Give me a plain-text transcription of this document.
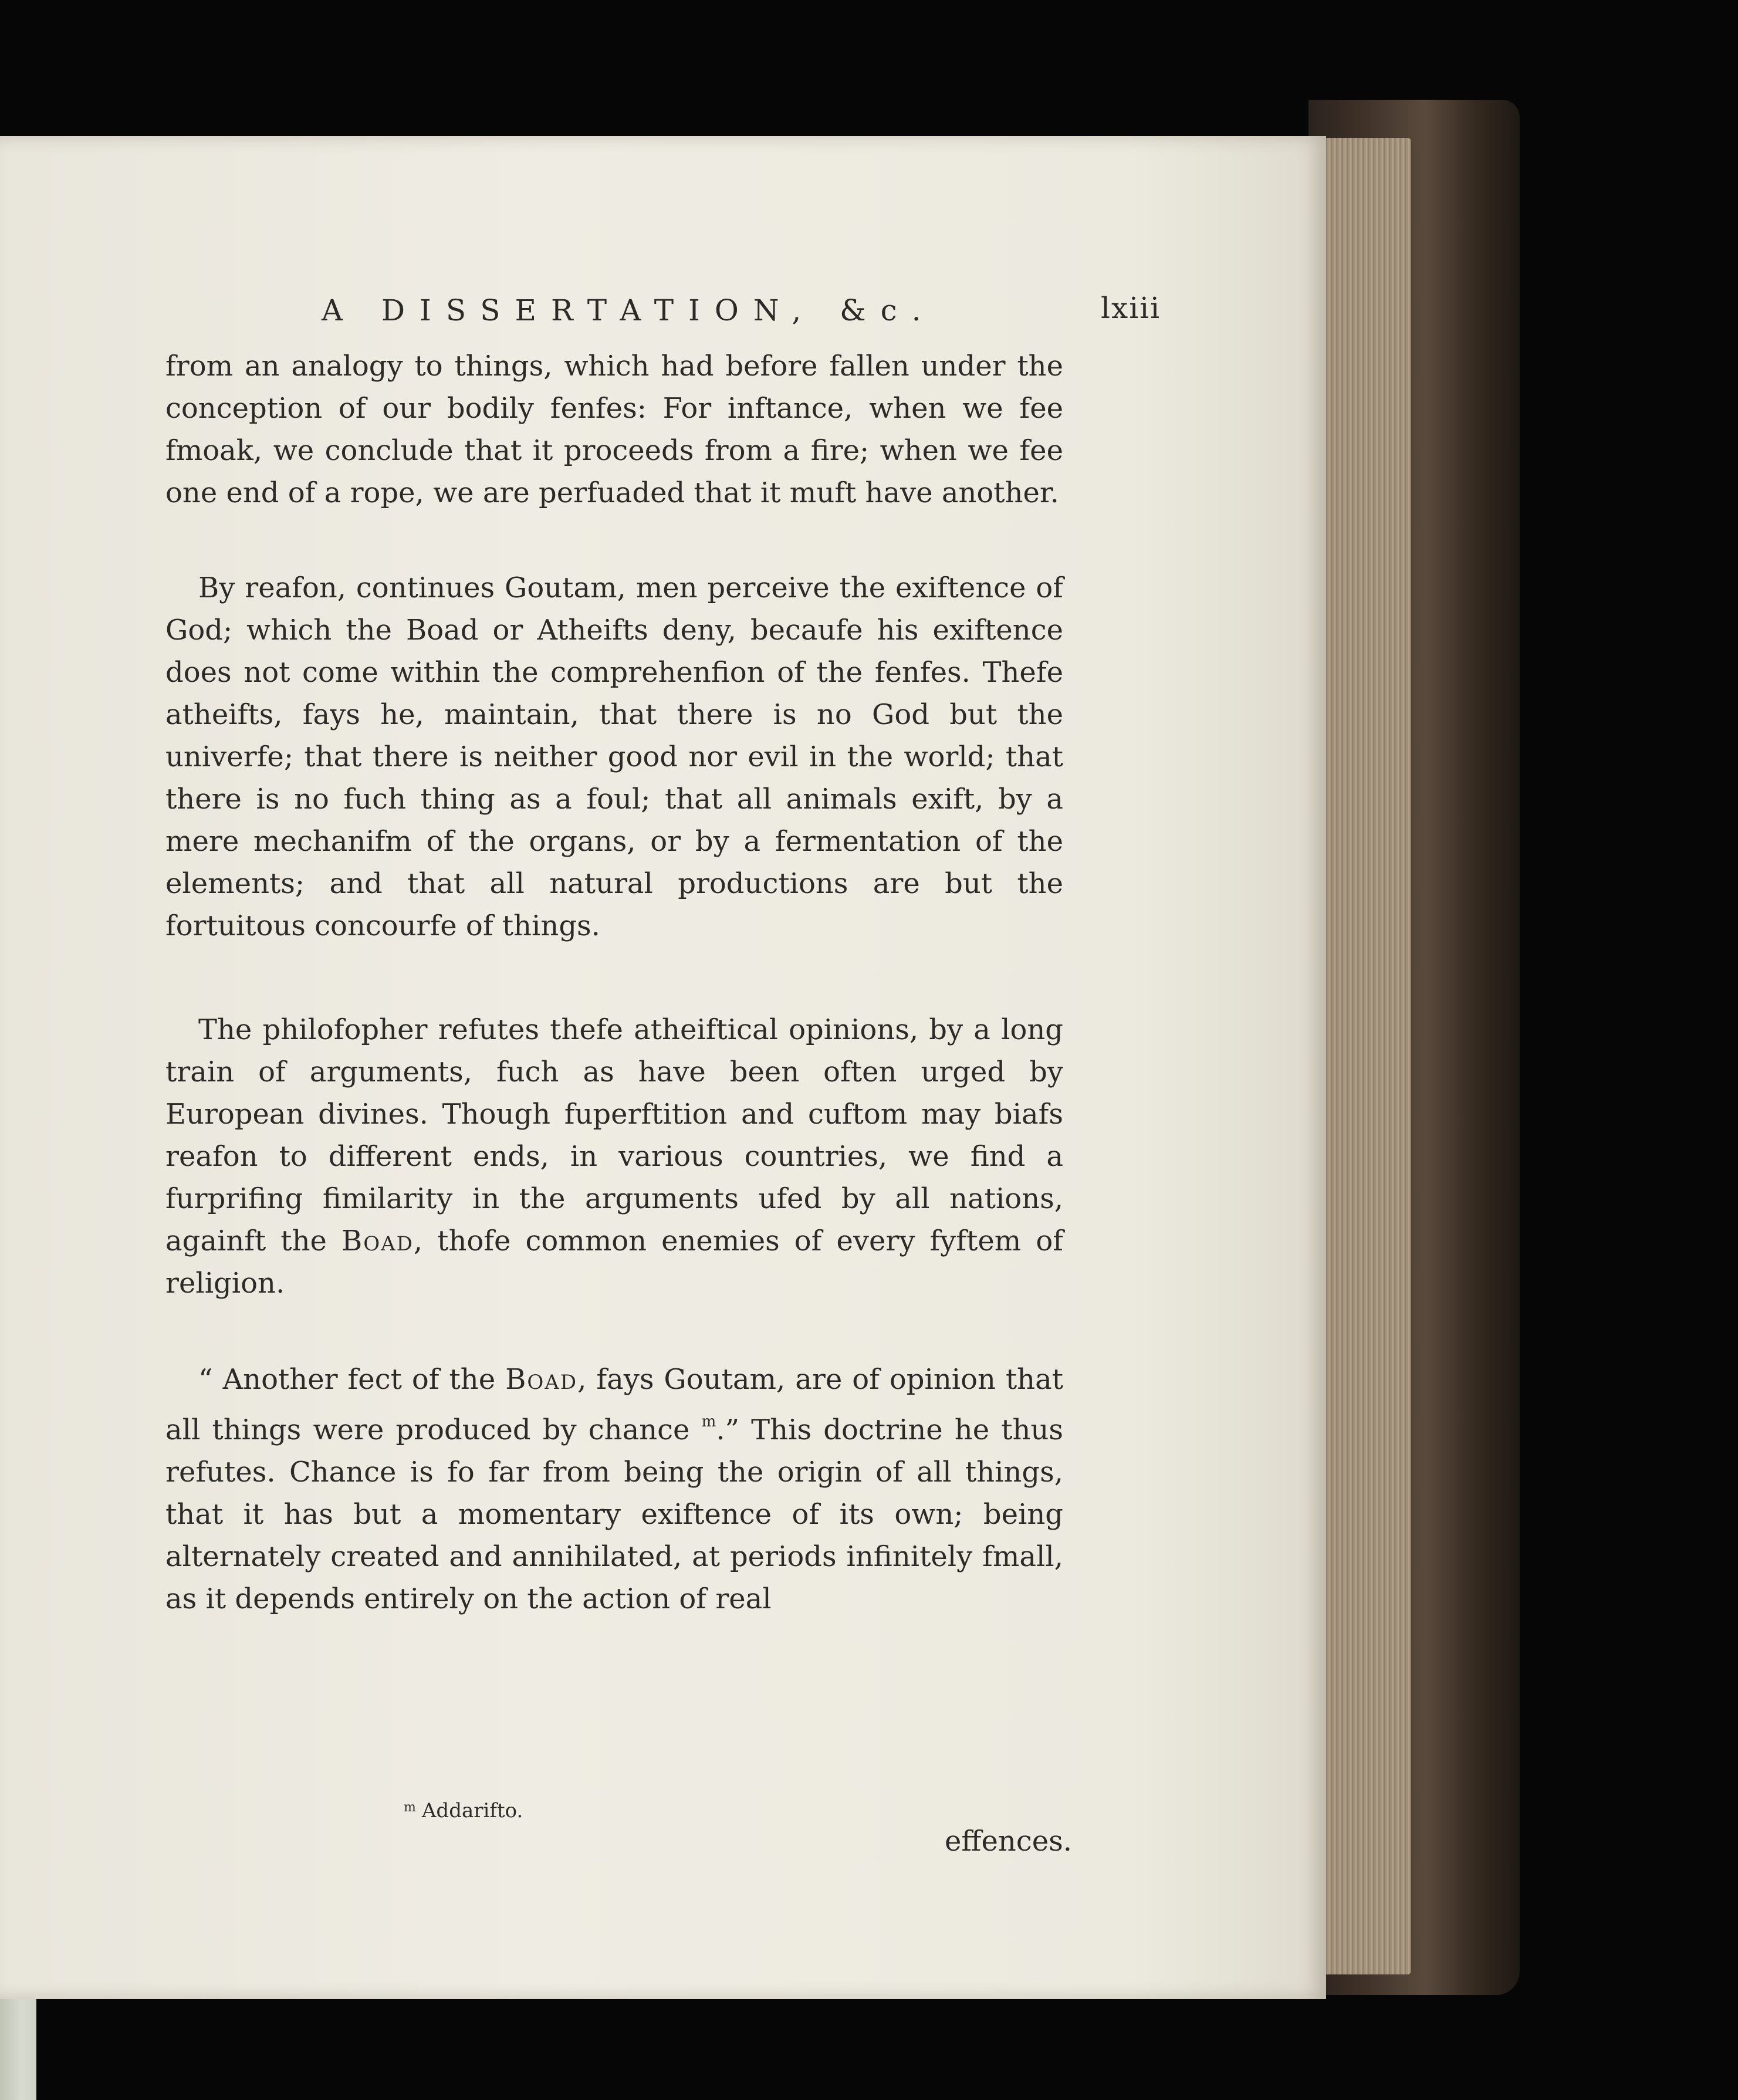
A DISSERTATION, &c.	lxiii

from an analogy to things, which had before fallen under the conception of our bodily fenfes: For inftance, when we fee fmoak, we conclude that it proceeds from a fire; when we fee one end of a rope, we are perfuaded that it muft have another.

By reafon, continues Goutam, men perceive the exiftence of God; which the Boad or Atheifts deny, becaufe his exiftence does not come within the comprehenfion of the fenfes. Thefe atheifts, fays he, maintain, that there is no God but the univerfe; that there is neither good nor evil in the world; that there is no fuch thing as a foul; that all animals exift, by a mere mechanifm of the organs, or by a fermentation of the elements; and that all natural productions are but the fortuitous concourfe of things.

The philofopher refutes thefe atheiftical opinions, by a long train of arguments, fuch as have been often urged by European divines. Though fuperftition and cuftom may biafs reafon to different ends, in various countries, we find a furprifing fimilarity in the arguments ufed by all nations, againft the Boad, thofe common enemies of every fyftem of religion.

“ Another fect of the Boad, fays Goutam, are of opinion that all things were produced by chance $^m$.” This doctrine he thus refutes. Chance is fo far from being the origin of all things, that it has but a momentary exiftence of its own; being alternately created and annihilated, at periods infinitely fmall, as it depends entirely on the action of real

$^m$ Addarifto.
effences.
